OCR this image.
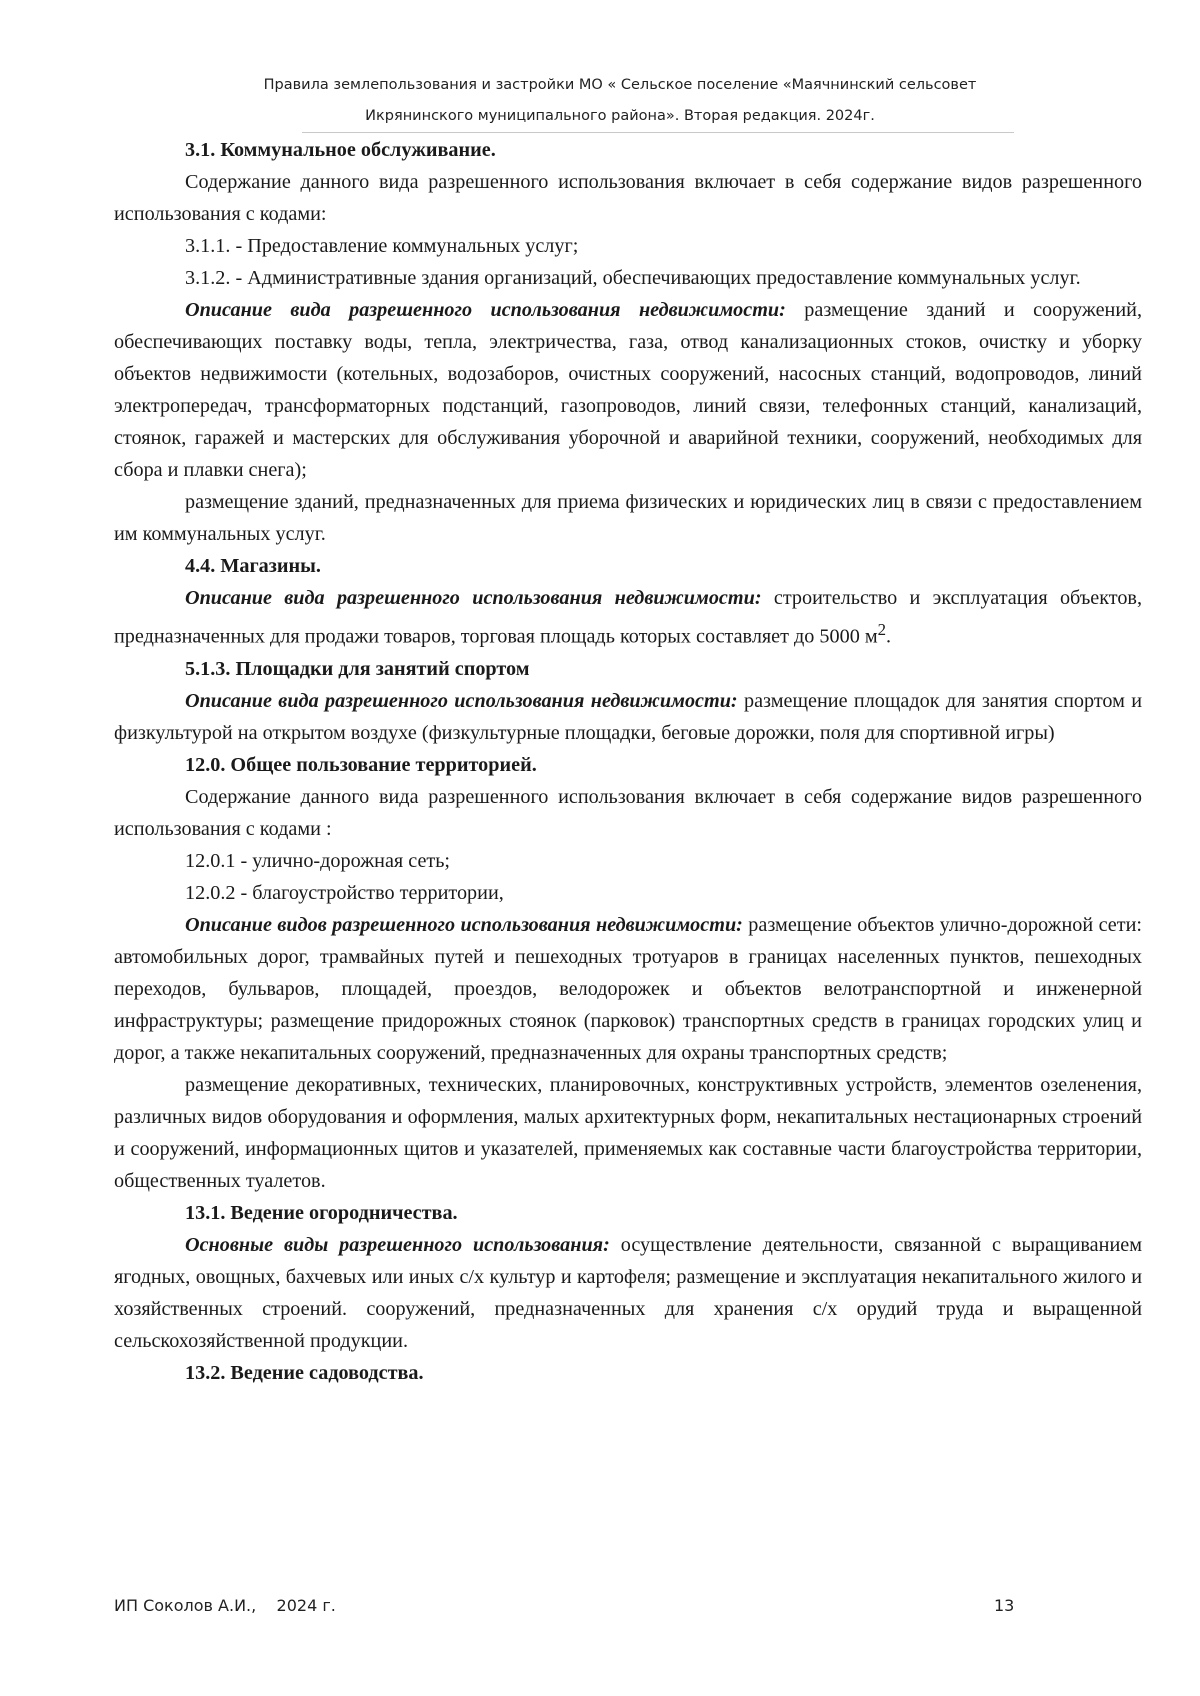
Правила землепользования и застройки МО « Сельское поселение «Маячнинский сельсовет
Икрянинского муниципального района». Вторая редакция. 2024г.

3.1. Коммунальное обслуживание.

Содержание данного вида разрешенного использования включает в себя содержание видов разрешенного использования с кодами:

3.1.1. - Предоставление коммунальных услуг;

3.1.2. - Административные здания организаций, обеспечивающих предоставление коммунальных услуг.

Описание вида разрешенного использования недвижимости: размещение зданий и сооружений, обеспечивающих поставку воды, тепла, электричества, газа, отвод канализационных стоков, очистку и уборку объектов недвижимости (котельных, водозаборов, очистных сооружений, насосных станций, водопроводов, линий электропередач, трансформаторных подстанций, газопроводов, линий связи, телефонных станций, канализаций, стоянок, гаражей и мастерских для обслуживания уборочной и аварийной техники, сооружений, необходимых для сбора и плавки снега);

размещение зданий, предназначенных для приема физических и юридических лиц в связи с предоставлением им коммунальных услуг.

4.4. Магазины.

Описание вида разрешенного использования недвижимости: строительство и эксплуатация объектов, предназначенных для продажи товаров, торговая площадь которых составляет до 5000 $м^2$.

5.1.3. Площадки для занятий спортом

Описание вида разрешенного использования недвижимости: размещение площадок для занятия спортом и физкультурой на открытом воздухе (физкультурные площадки, беговые дорожки, поля для спортивной игры)

12.0. Общее пользование территорией.

Содержание данного вида разрешенного использования включает в себя содержание видов разрешенного использования с кодами :

12.0.1 - улично-дорожная сеть;

12.0.2 - благоустройство территории,

Описание видов разрешенного использования недвижимости: размещение объектов улично-дорожной сети: автомобильных дорог, трамвайных путей и пешеходных тротуаров в границах населенных пунктов, пешеходных переходов, бульваров, площадей, проездов, велодорожек и объектов велотранспортной и инженерной инфраструктуры; размещение придорожных стоянок (парковок) транспортных средств в границах городских улиц и дорог, а также некапитальных сооружений, предназначенных для охраны транспортных средств;

размещение декоративных, технических, планировочных, конструктивных устройств, элементов озеленения, различных видов оборудования и оформления, малых архитектурных форм, некапитальных нестационарных строений и сооружений, информационных щитов и указателей, применяемых как составные части благоустройства территории, общественных туалетов.

13.1. Ведение огородничества.

Основные виды разрешенного использования: осуществление деятельности, связанной с выращиванием ягодных, овощных, бахчевых или иных с/х культур и картофеля; размещение и эксплуатация некапитального жилого и хозяйственных строений. сооружений, предназначенных для хранения с/х орудий труда и выращенной сельскохозяйственной продукции.

13.2. Ведение садоводства.

ИП Соколов А.И.,    2024 г.	13
